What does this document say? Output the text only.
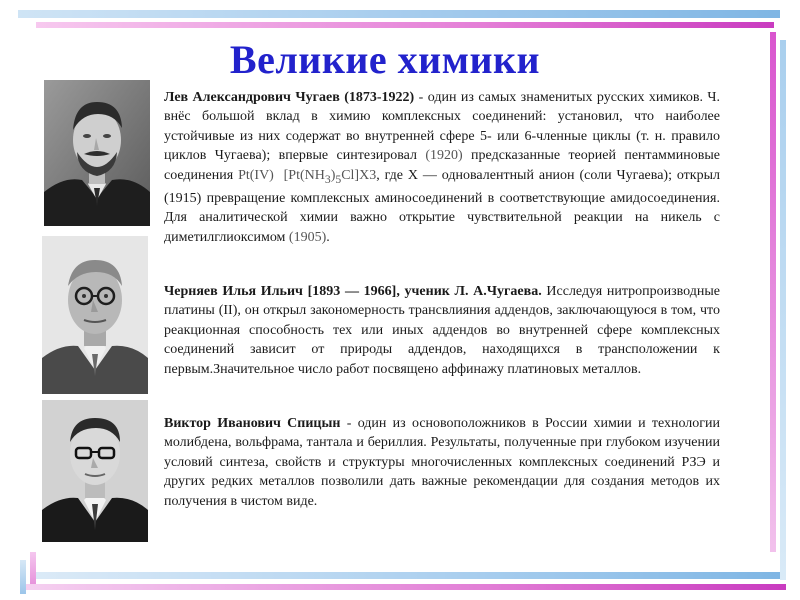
Великие химики
Лев Александрович Чугаев (1873-1922) - один из самых знаменитых русских химиков. Ч. внёс большой вклад в химию комплексных соединений: установил, что наиболее устойчивые из них содержат во внутренней сфере 5- или 6-членные циклы (т. н. правило циклов Чугаева); впервые синтезировал (1920) предсказанные теорией пентамминовые соединения Pt(IV) $[Pt(NH_3)_5Cl]X3$, где X — одновалентный анион (соли Чугаева); открыл (1915) превращение комплексных аминосоединений в соответствующие амидосоединения. Для аналитической химии важно открытие чувствительной реакции на никель с диметилглиоксимом (1905).
Черняев Илья Ильич [1893 — 1966], ученик Л. А.Чугаева. Исследуя нитропроизводные платины (II), он открыл закономерность трансвлияния аддендов, заключающуюся в том, что реакционная способность тех или иных аддендов во внутренней сфере комплексных соединений зависит от природы аддендов, находящихся в трансположении к первым.Значительное число работ посвящено аффинажу платиновых металлов.
Виктор Иванович Спицын - один из основоположников в России химии и технологии молибдена, вольфрама, тантала и бериллия. Результаты, полученные при глубоком изучении условий синтеза, свойств и структуры многочисленных комплексных соединений РЗЭ и других редких металлов позволили дать важные рекомендации для создания методов их получения в чистом виде.
